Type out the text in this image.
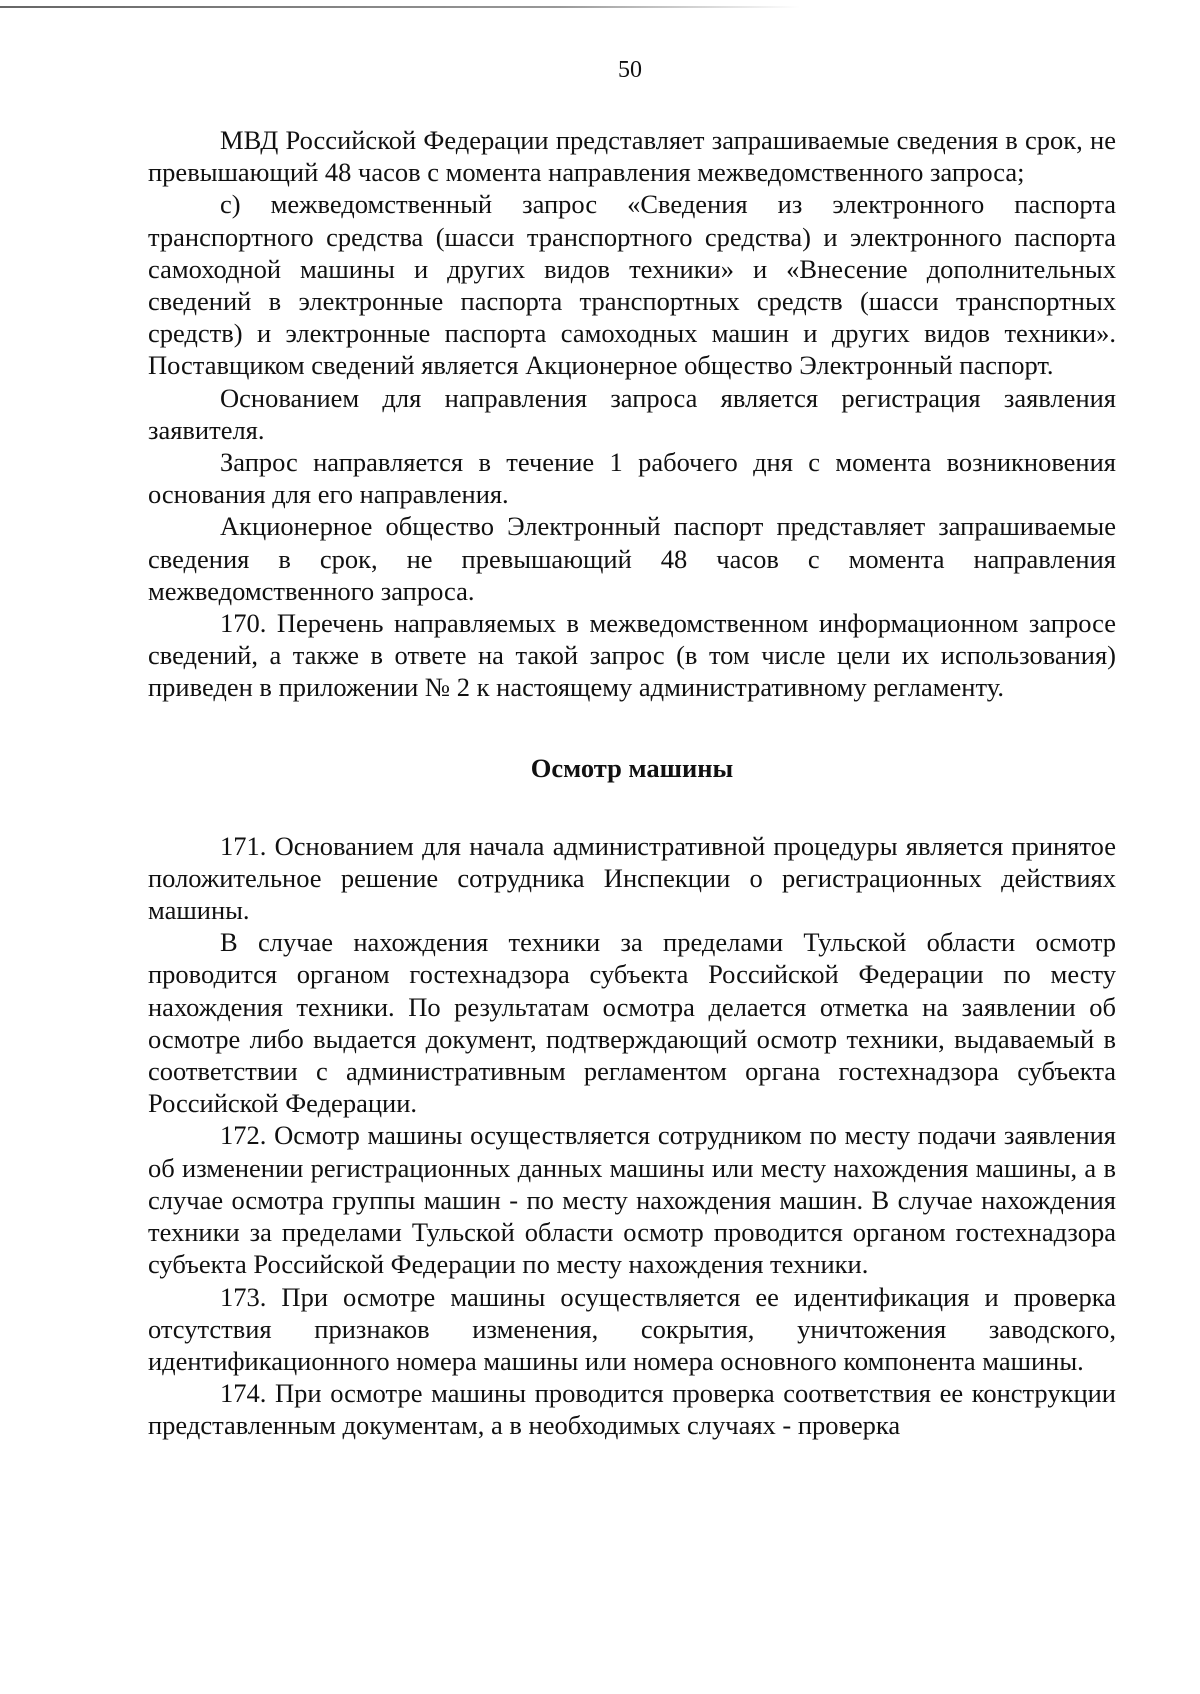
50

МВД Российской Федерации представляет запрашиваемые сведения в срок, не превышающий 48 часов с момента направления межведомственного запроса;

с) межведомственный запрос «Сведения из электронного паспорта транспортного средства (шасси транспортного средства) и электронного паспорта самоходной машины и других видов техники» и «Внесение дополнительных сведений в электронные паспорта транспортных средств (шасси транспортных средств) и электронные паспорта самоходных машин и других видов техники». Поставщиком сведений является Акционерное общество Электронный паспорт.

Основанием для направления запроса является регистрация заявления заявителя.

Запрос направляется в течение 1 рабочего дня с момента возникновения основания для его направления.

Акционерное общество Электронный паспорт представляет запрашиваемые сведения в срок, не превышающий 48 часов с момента направления межведомственного запроса.

170. Перечень направляемых в межведомственном информационном запросе сведений, а также в ответе на такой запрос (в том числе цели их использования) приведен в приложении № 2 к настоящему административному регламенту.

Осмотр машины

171. Основанием для начала административной процедуры является принятое положительное решение сотрудника Инспекции о регистрационных действиях машины.

В случае нахождения техники за пределами Тульской области осмотр проводится органом гостехнадзора субъекта Российской Федерации по месту нахождения техники. По результатам осмотра делается отметка на заявлении об осмотре либо выдается документ, подтверждающий осмотр техники, выдаваемый в соответствии с административным регламентом органа гостехнадзора субъекта Российской Федерации.

172. Осмотр машины осуществляется сотрудником по месту подачи заявления об изменении регистрационных данных машины или месту нахождения машины, а в случае осмотра группы машин - по месту нахождения машин. В случае нахождения техники за пределами Тульской области осмотр проводится органом гостехнадзора субъекта Российской Федерации по месту нахождения техники.

173. При осмотре машины осуществляется ее идентификация и проверка отсутствия признаков изменения, сокрытия, уничтожения заводского, идентификационного номера машины или номера основного компонента машины.

174. При осмотре машины проводится проверка соответствия ее конструкции представленным документам, а в необходимых случаях - проверка
